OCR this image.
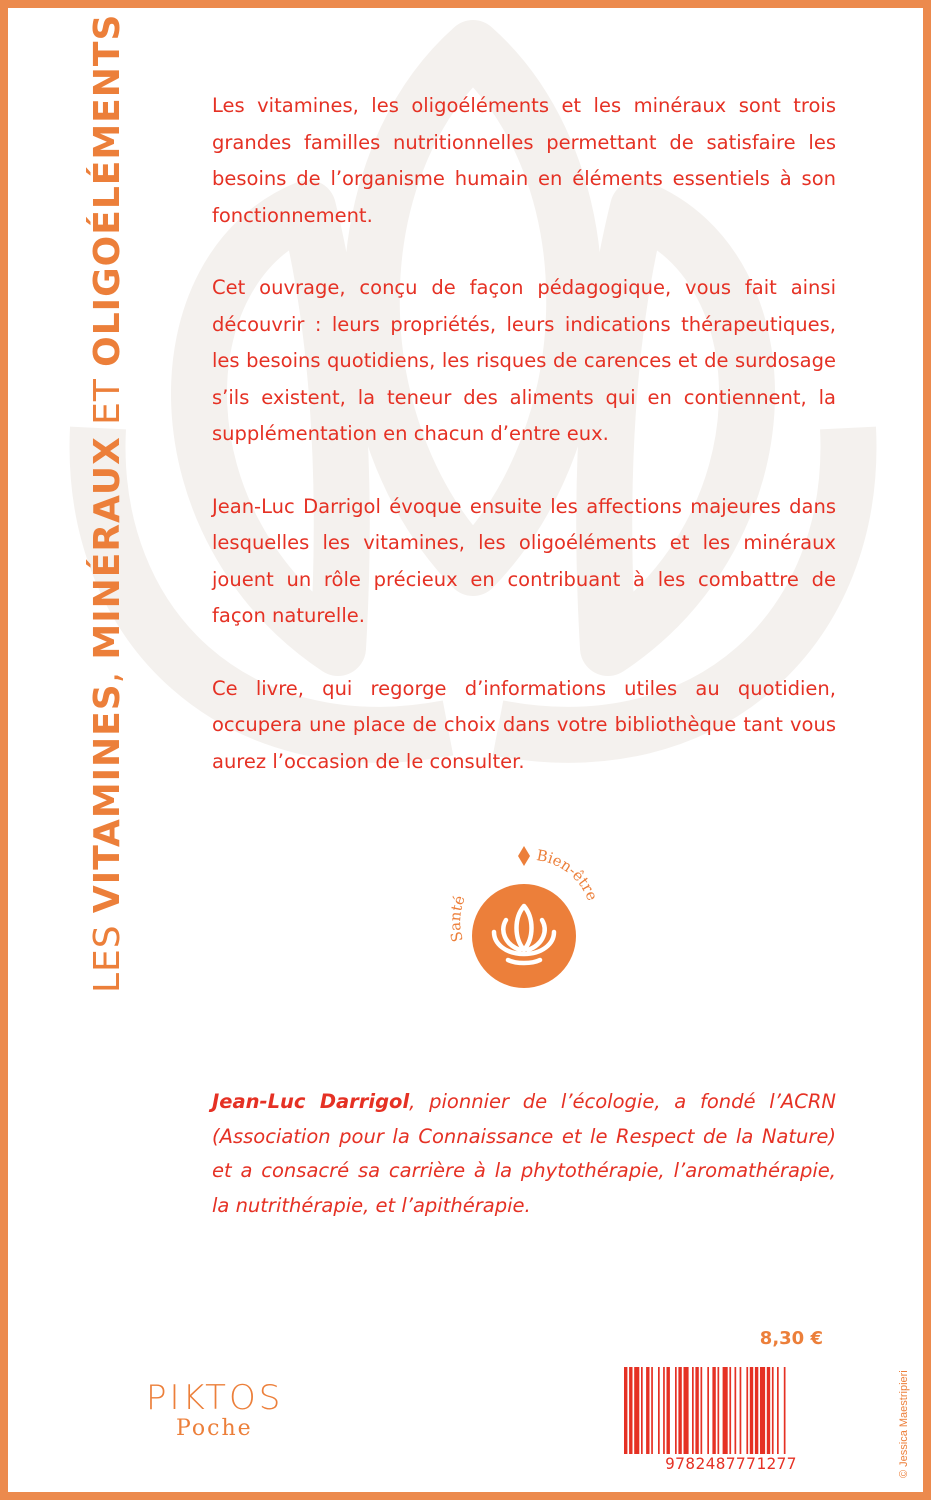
LES VITAMINES, MINÉRAUX ET OLIGOÉLÉMENTS	Les vitamines, les oligoéléments et les minéraux sont trois grandes familles nutritionnelles permettant de satisfaire les besoins de l’organisme humain en éléments essentiels à son fonctionnement.

Cet ouvrage, conçu de façon pédagogique, vous fait ainsi découvrir : leurs propriétés, leurs indications thérapeutiques, les besoins quotidiens, les risques de carences et de surdosage s’ils existent, la teneur des aliments qui en contiennent, la supplémentation en chacun d’entre eux.

Jean-Luc Darrigol évoque ensuite les affections majeures dans lesquelles les vitamines, les oligoéléments et les minéraux jouent un rôle précieux en contribuant à les combattre de façon naturelle.

Ce livre, qui regorge d’informations utiles au quotidien, occupera une place de choix dans votre bibliothèque tant vous aurez l’occasion de le consulter.

Santé
Bien-être

Jean-Luc Darrigol, pionnier de l’écologie, a fondé l’ACRN (Association pour la Connaissance et le Respect de la Nature) et a consacré sa carrière à la phytothérapie, l’aromathérapie, la nutrithérapie, et l’apithérapie.

8,30 €
9782487771277
PIKTOS
Poche	© Jessica Maestripieri
